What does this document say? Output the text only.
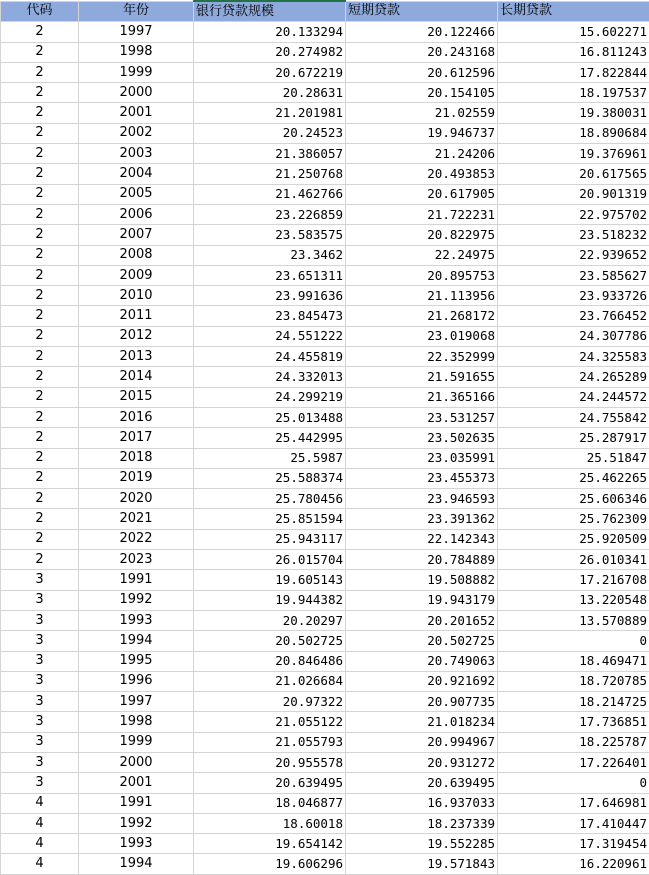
代码	年份	银行贷款规模	短期贷款	长期贷款
2	1997	20.133294	20.122466	15.602271
2	1998	20.274982	20.243168	16.811243
2	1999	20.672219	20.612596	17.822844
2	2000	20.28631	20.154105	18.197537
2	2001	21.201981	21.02559	19.380031
2	2002	20.24523	19.946737	18.890684
2	2003	21.386057	21.24206	19.376961
2	2004	21.250768	20.493853	20.617565
2	2005	21.462766	20.617905	20.901319
2	2006	23.226859	21.722231	22.975702
2	2007	23.583575	20.822975	23.518232
2	2008	23.3462	22.24975	22.939652
2	2009	23.651311	20.895753	23.585627
2	2010	23.991636	21.113956	23.933726
2	2011	23.845473	21.268172	23.766452
2	2012	24.551222	23.019068	24.307786
2	2013	24.455819	22.352999	24.325583
2	2014	24.332013	21.591655	24.265289
2	2015	24.299219	21.365166	24.244572
2	2016	25.013488	23.531257	24.755842
2	2017	25.442995	23.502635	25.287917
2	2018	25.5987	23.035991	25.51847
2	2019	25.588374	23.455373	25.462265
2	2020	25.780456	23.946593	25.606346
2	2021	25.851594	23.391362	25.762309
2	2022	25.943117	22.142343	25.920509
2	2023	26.015704	20.784889	26.010341
3	1991	19.605143	19.508882	17.216708
3	1992	19.944382	19.943179	13.220548
3	1993	20.20297	20.201652	13.570889
3	1994	20.502725	20.502725	0
3	1995	20.846486	20.749063	18.469471
3	1996	21.026684	20.921692	18.720785
3	1997	20.97322	20.907735	18.214725
3	1998	21.055122	21.018234	17.736851
3	1999	21.055793	20.994967	18.225787
3	2000	20.955578	20.931272	17.226401
3	2001	20.639495	20.639495	0
4	1991	18.046877	16.937033	17.646981
4	1992	18.60018	18.237339	17.410447
4	1993	19.654142	19.552285	17.319454
4	1994	19.606296	19.571843	16.220961
